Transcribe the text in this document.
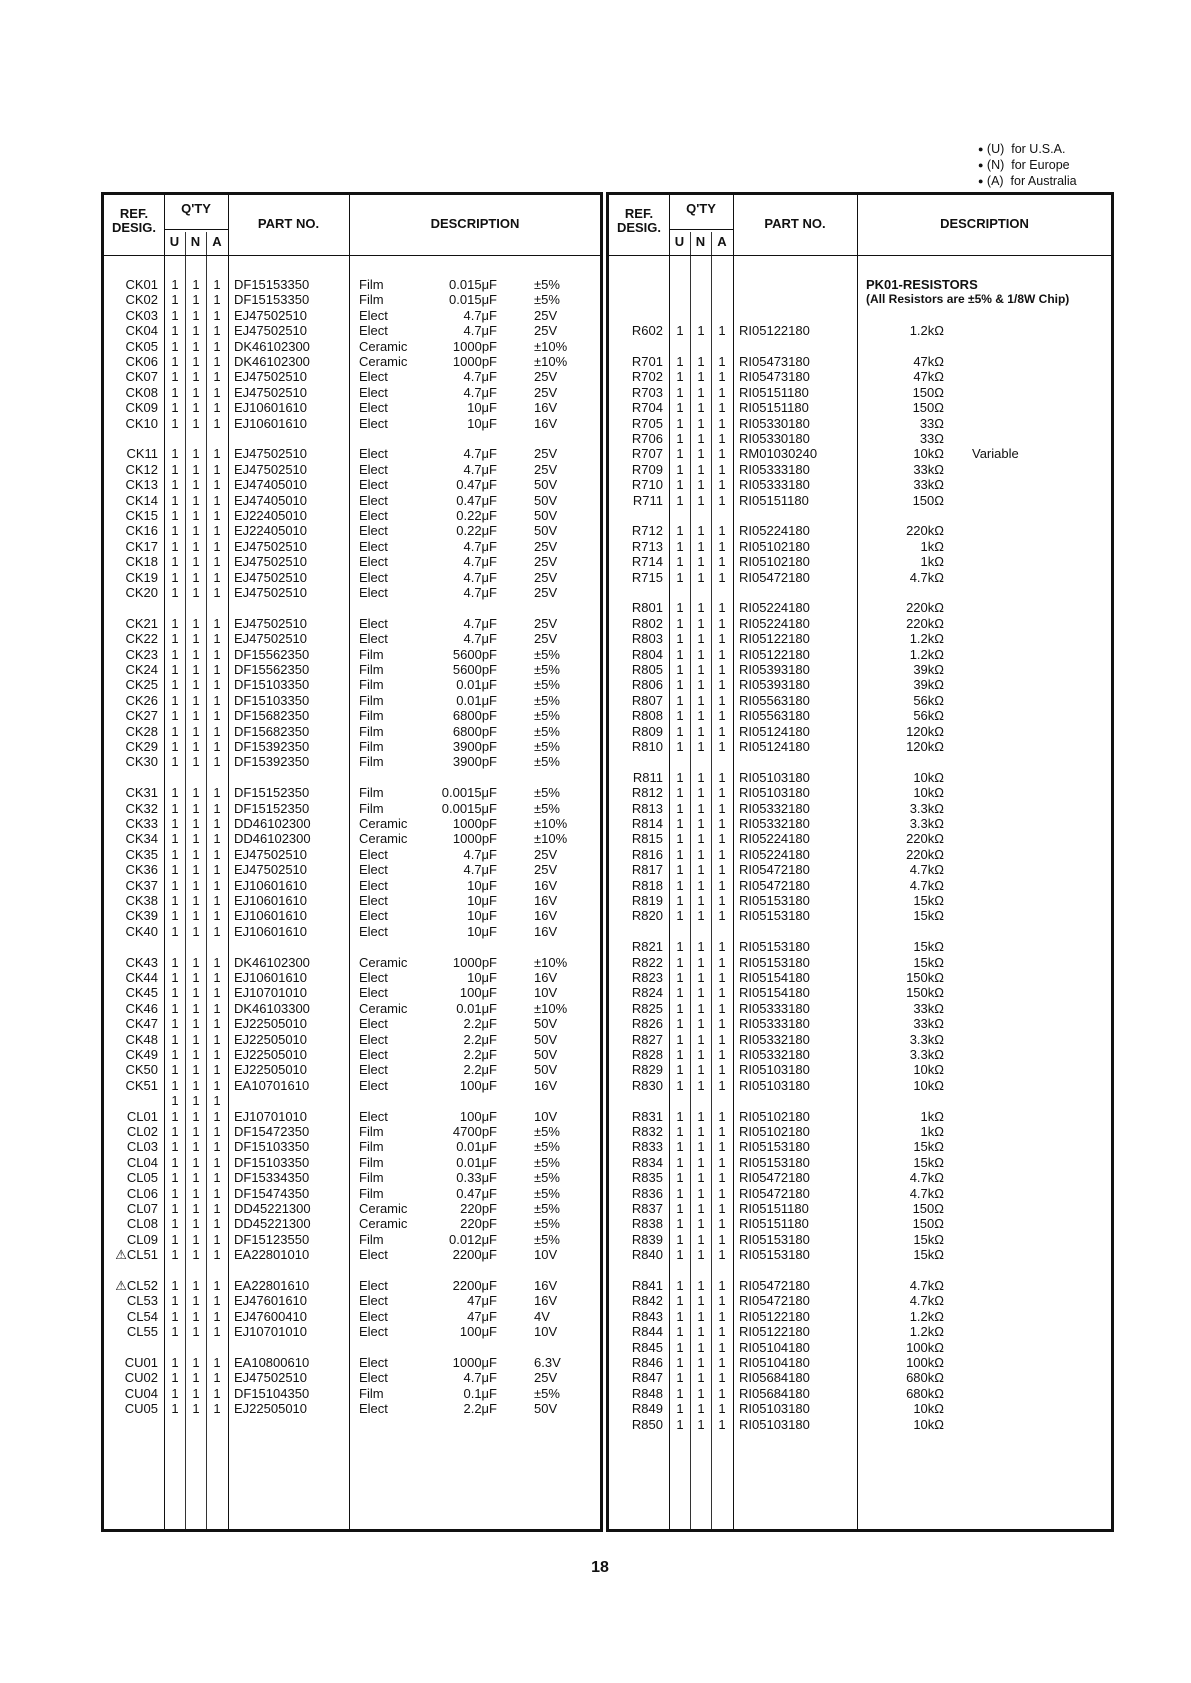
● (U) for U.S.A.
● (N) for Europe
● (A) for Australia
REF. DESIG.
Q'TY
U N A
PART NO.	DESCRIPTION
CK01	1	1	1	DF15153350	Film	0.015μF	±5%
CK02	1	1	1	DF15153350	Film	0.015μF	±5%
CK03	1	1	1	EJ47502510	Elect	4.7μF	25V
CK04	1	1	1	EJ47502510	Elect	4.7μF	25V
CK05	1	1	1	DK46102300	Ceramic	1000pF	±10%
CK06	1	1	1	DK46102300	Ceramic	1000pF	±10%
CK07	1	1	1	EJ47502510	Elect	4.7μF	25V
CK08	1	1	1	EJ47502510	Elect	4.7μF	25V
CK09	1	1	1	EJ10601610	Elect	10μF	16V
CK10	1	1	1	EJ10601610	Elect	10μF	16V
CK11	1	1	1	EJ47502510	Elect	4.7μF	25V
CK12	1	1	1	EJ47502510	Elect	4.7μF	25V
CK13	1	1	1	EJ47405010	Elect	0.47μF	50V
CK14	1	1	1	EJ47405010	Elect	0.47μF	50V
CK15	1	1	1	EJ22405010	Elect	0.22μF	50V
CK16	1	1	1	EJ22405010	Elect	0.22μF	50V
CK17	1	1	1	EJ47502510	Elect	4.7μF	25V
CK18	1	1	1	EJ47502510	Elect	4.7μF	25V
CK19	1	1	1	EJ47502510	Elect	4.7μF	25V
CK20	1	1	1	EJ47502510	Elect	4.7μF	25V
CK21	1	1	1	EJ47502510	Elect	4.7μF	25V
CK22	1	1	1	EJ47502510	Elect	4.7μF	25V
CK23	1	1	1	DF15562350	Film	5600pF	±5%
CK24	1	1	1	DF15562350	Film	5600pF	±5%
CK25	1	1	1	DF15103350	Film	0.01μF	±5%
CK26	1	1	1	DF15103350	Film	0.01μF	±5%
CK27	1	1	1	DF15682350	Film	6800pF	±5%
CK28	1	1	1	DF15682350	Film	6800pF	±5%
CK29	1	1	1	DF15392350	Film	3900pF	±5%
CK30	1	1	1	DF15392350	Film	3900pF	±5%
CK31	1	1	1	DF15152350	Film	0.0015μF	±5%
CK32	1	1	1	DF15152350	Film	0.0015μF	±5%
CK33	1	1	1	DD46102300	Ceramic	1000pF	±10%
CK34	1	1	1	DD46102300	Ceramic	1000pF	±10%
CK35	1	1	1	EJ47502510	Elect	4.7μF	25V
CK36	1	1	1	EJ47502510	Elect	4.7μF	25V
CK37	1	1	1	EJ10601610	Elect	10μF	16V
CK38	1	1	1	EJ10601610	Elect	10μF	16V
CK39	1	1	1	EJ10601610	Elect	10μF	16V
CK40	1	1	1	EJ10601610	Elect	10μF	16V
CK43	1	1	1	DK46102300	Ceramic	1000pF	±10%
CK44	1	1	1	EJ10601610	Elect	10μF	16V
CK45	1	1	1	EJ10701010	Elect	100μF	10V
CK46	1	1	1	DK46103300	Ceramic	0.01μF	±10%
CK47	1	1	1	EJ22505010	Elect	2.2μF	50V
CK48	1	1	1	EJ22505010	Elect	2.2μF	50V
CK49	1	1	1	EJ22505010	Elect	2.2μF	50V
CK50	1	1	1	EJ22505010	Elect	2.2μF	50V
CK51	1	1	1	EA10701610	Elect	100μF	16V
1	1	1
CL01	1	1	1	EJ10701010	Elect	100μF	10V
CL02	1	1	1	DF15472350	Film	4700pF	±5%
CL03	1	1	1	DF15103350	Film	0.01μF	±5%
CL04	1	1	1	DF15103350	Film	0.01μF	±5%
CL05	1	1	1	DF15334350	Film	0.33μF	±5%
CL06	1	1	1	DF15474350	Film	0.47μF	±5%
CL07	1	1	1	DD45221300	Ceramic	220pF	±5%
CL08	1	1	1	DD45221300	Ceramic	220pF	±5%
CL09	1	1	1	DF15123550	Film	0.012μF	±5%
⚠CL51	1	1	1	EA22801010	Elect	2200μF	10V
⚠CL52	1	1	1	EA22801610	Elect	2200μF	16V
CL53	1	1	1	EJ47601610	Elect	47μF	16V
CL54	1	1	1	EJ47600410	Elect	47μF	4V
CL55	1	1	1	EJ10701010	Elect	100μF	10V
CU01	1	1	1	EA10800610	Elect	1000μF	6.3V
CU02	1	1	1	EJ47502510	Elect	4.7μF	25V
CU04	1	1	1	DF15104350	Film	0.1μF	±5%
CU05	1	1	1	EJ22505010	Elect	2.2μF	50V
REF. DESIG.
Q'TY
U N A
PART NO.	DESCRIPTION
PK01-RESISTORS
(All Resistors are ±5% & 1/8W Chip)
R602	1	1	1	RI05122180	1.2kΩ
R701	1	1	1	RI05473180	47kΩ
R702	1	1	1	RI05473180	47kΩ
R703	1	1	1	RI05151180	150Ω
R704	1	1	1	RI05151180	150Ω
R705	1	1	1	RI05330180	33Ω
R706	1	1	1	RI05330180	33Ω
R707	1	1	1	RM01030240	10kΩ Variable
R709	1	1	1	RI05333180	33kΩ
R710	1	1	1	RI05333180	33kΩ
R711	1	1	1	RI05151180	150Ω
R712	1	1	1	RI05224180	220kΩ
R713	1	1	1	RI05102180	1kΩ
R714	1	1	1	RI05102180	1kΩ
R715	1	1	1	RI05472180	4.7kΩ
R801	1	1	1	RI05224180	220kΩ
R802	1	1	1	RI05224180	220kΩ
R803	1	1	1	RI05122180	1.2kΩ
R804	1	1	1	RI05122180	1.2kΩ
R805	1	1	1	RI05393180	39kΩ
R806	1	1	1	RI05393180	39kΩ
R807	1	1	1	RI05563180	56kΩ
R808	1	1	1	RI05563180	56kΩ
R809	1	1	1	RI05124180	120kΩ
R810	1	1	1	RI05124180	120kΩ
R811	1	1	1	RI05103180	10kΩ
R812	1	1	1	RI05103180	10kΩ
R813	1	1	1	RI05332180	3.3kΩ
R814	1	1	1	RI05332180	3.3kΩ
R815	1	1	1	RI05224180	220kΩ
R816	1	1	1	RI05224180	220kΩ
R817	1	1	1	RI05472180	4.7kΩ
R818	1	1	1	RI05472180	4.7kΩ
R819	1	1	1	RI05153180	15kΩ
R820	1	1	1	RI05153180	15kΩ
R821	1	1	1	RI05153180	15kΩ
R822	1	1	1	RI05153180	15kΩ
R823	1	1	1	RI05154180	150kΩ
R824	1	1	1	RI05154180	150kΩ
R825	1	1	1	RI05333180	33kΩ
R826	1	1	1	RI05333180	33kΩ
R827	1	1	1	RI05332180	3.3kΩ
R828	1	1	1	RI05332180	3.3kΩ
R829	1	1	1	RI05103180	10kΩ
R830	1	1	1	RI05103180	10kΩ
R831	1	1	1	RI05102180	1kΩ
R832	1	1	1	RI05102180	1kΩ
R833	1	1	1	RI05153180	15kΩ
R834	1	1	1	RI05153180	15kΩ
R835	1	1	1	RI05472180	4.7kΩ
R836	1	1	1	RI05472180	4.7kΩ
R837	1	1	1	RI05151180	150Ω
R838	1	1	1	RI05151180	150Ω
R839	1	1	1	RI05153180	15kΩ
R840	1	1	1	RI05153180	15kΩ
R841	1	1	1	RI05472180	4.7kΩ
R842	1	1	1	RI05472180	4.7kΩ
R843	1	1	1	RI05122180	1.2kΩ
R844	1	1	1	RI05122180	1.2kΩ
R845	1	1	1	RI05104180	100kΩ
R846	1	1	1	RI05104180	100kΩ
R847	1	1	1	RI05684180	680kΩ
R848	1	1	1	RI05684180	680kΩ
R849	1	1	1	RI05103180	10kΩ
R850	1	1	1	RI05103180	10kΩ
18
